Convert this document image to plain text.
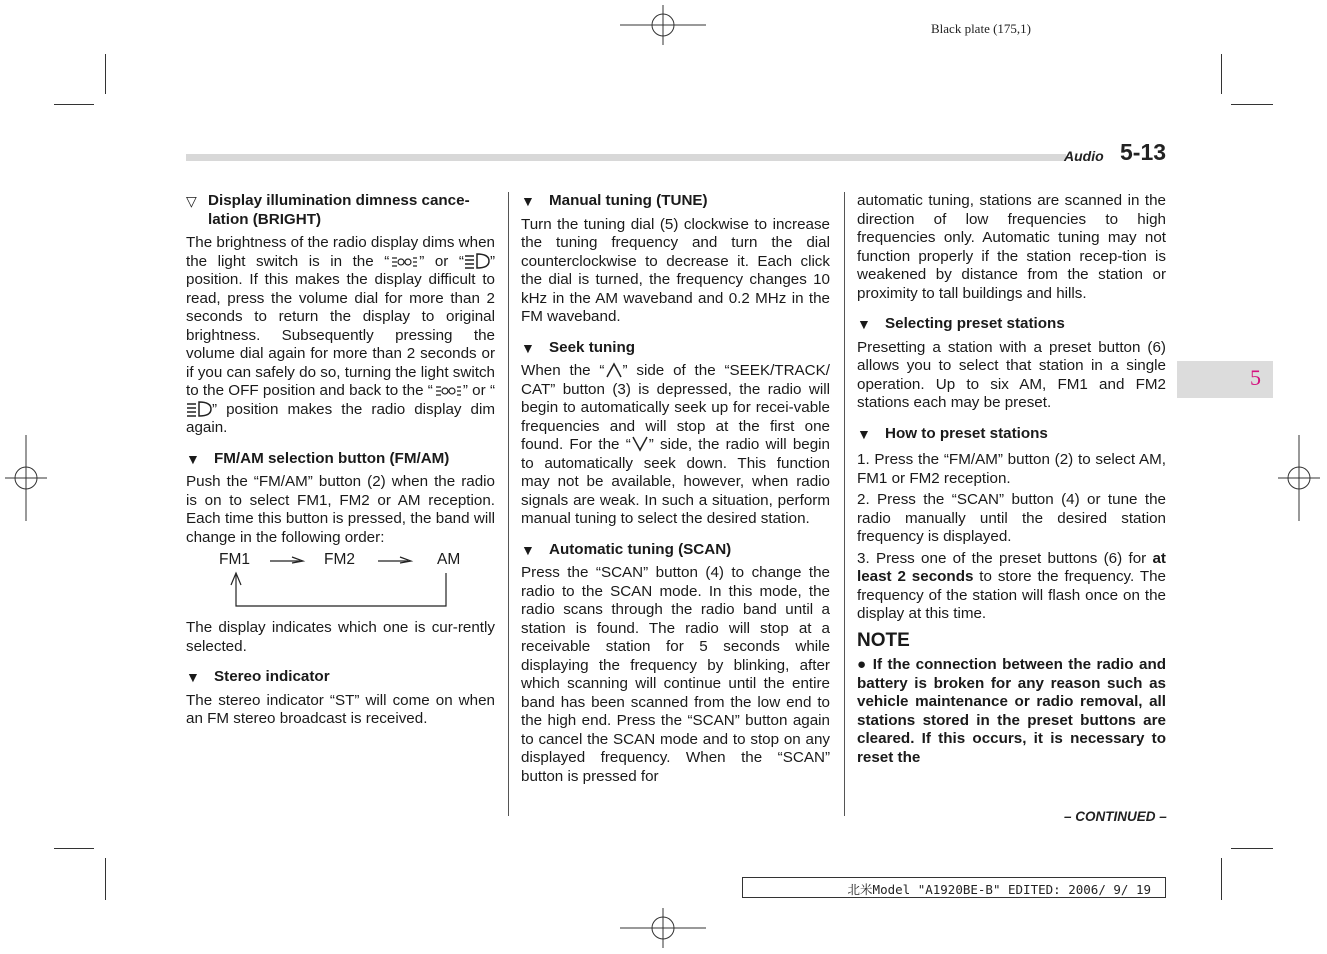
Black plate (175,1)
Audio 5-13
5
▽ Display illumination dimness cance-lation (BRIGHT)
The brightness of the radio display dims when the light switch is in the “ ” or “ ” position. If this makes the display difficult to read, press the volume dial for more than 2 seconds to return the display to original brightness. Subsequently pressing the volume dial again for more than 2 seconds or if you can safely do so, turning the light switch to the OFF position and back to the “ ” or “” position makes the radio display dim again.
▼ FM/AM selection button (FM/AM)
Push the “FM/AM” button (2) when the radio is on to select FM1, FM2 or AM reception. Each time this button is pressed, the band will change in the following order:
FM1	FM2	AM
The display indicates which one is cur-rently selected.
▼ Stereo indicator
The stereo indicator “ST” will come on when an FM stereo broadcast is received.
▼ Manual tuning (TUNE)
Turn the tuning dial (5) clockwise to increase the tuning frequency and turn the dial counterclockwise to decrease it. Each click the dial is turned, the frequency changes 10 kHz in the AM waveband and 0.2 MHz in the FM waveband.
▼ Seek tuning
When the “ ” side of the “SEEK/TRACK/ CAT” button (3) is depressed, the radio will begin to automatically seek up for recei-vable frequencies and will stop at the first one found. For the “ ” side, the radio will begin to automatically seek down. This function may not be available, however, when radio signals are weak. In such a situation, perform manual tuning to select the desired station.
▼ Automatic tuning (SCAN)
Press the “SCAN” button (4) to change the radio to the SCAN mode. In this mode, the radio scans through the radio band until a station is found. The radio will stop at a receivable station for 5 seconds while displaying the frequency by blinking, after which scanning will continue until the entire band has been scanned from the low end to the high end. Press the “SCAN” button again to cancel the SCAN mode and to stop on any displayed frequency. When the “SCAN” button is pressed for
automatic tuning, stations are scanned in the direction of low frequencies to high frequencies only. Automatic tuning may not function properly if the station recep-tion is weakened by distance from the station or proximity to tall buildings and hills.
▼ Selecting preset stations
Presetting a station with a preset button (6) allows you to select that station in a single operation. Up to six AM, FM1 and FM2 stations each may be preset.
▼ How to preset stations
1. Press the “FM/AM” button (2) to select AM, FM1 or FM2 reception.
2. Press the “SCAN” button (4) or tune the radio manually until the desired station frequency is displayed.
3. Press one of the preset buttons (6) for at least 2 seconds to store the frequency. The frequency of the station will flash once on the display at this time.
NOTE
● If the connection between the radio and battery is broken for any reason such as vehicle maintenance or radio removal, all stations stored in the preset buttons are cleared. If this occurs, it is necessary to reset the
– CONTINUED –
北米Model "A1920BE-B" EDITED: 2006/ 9/ 19
